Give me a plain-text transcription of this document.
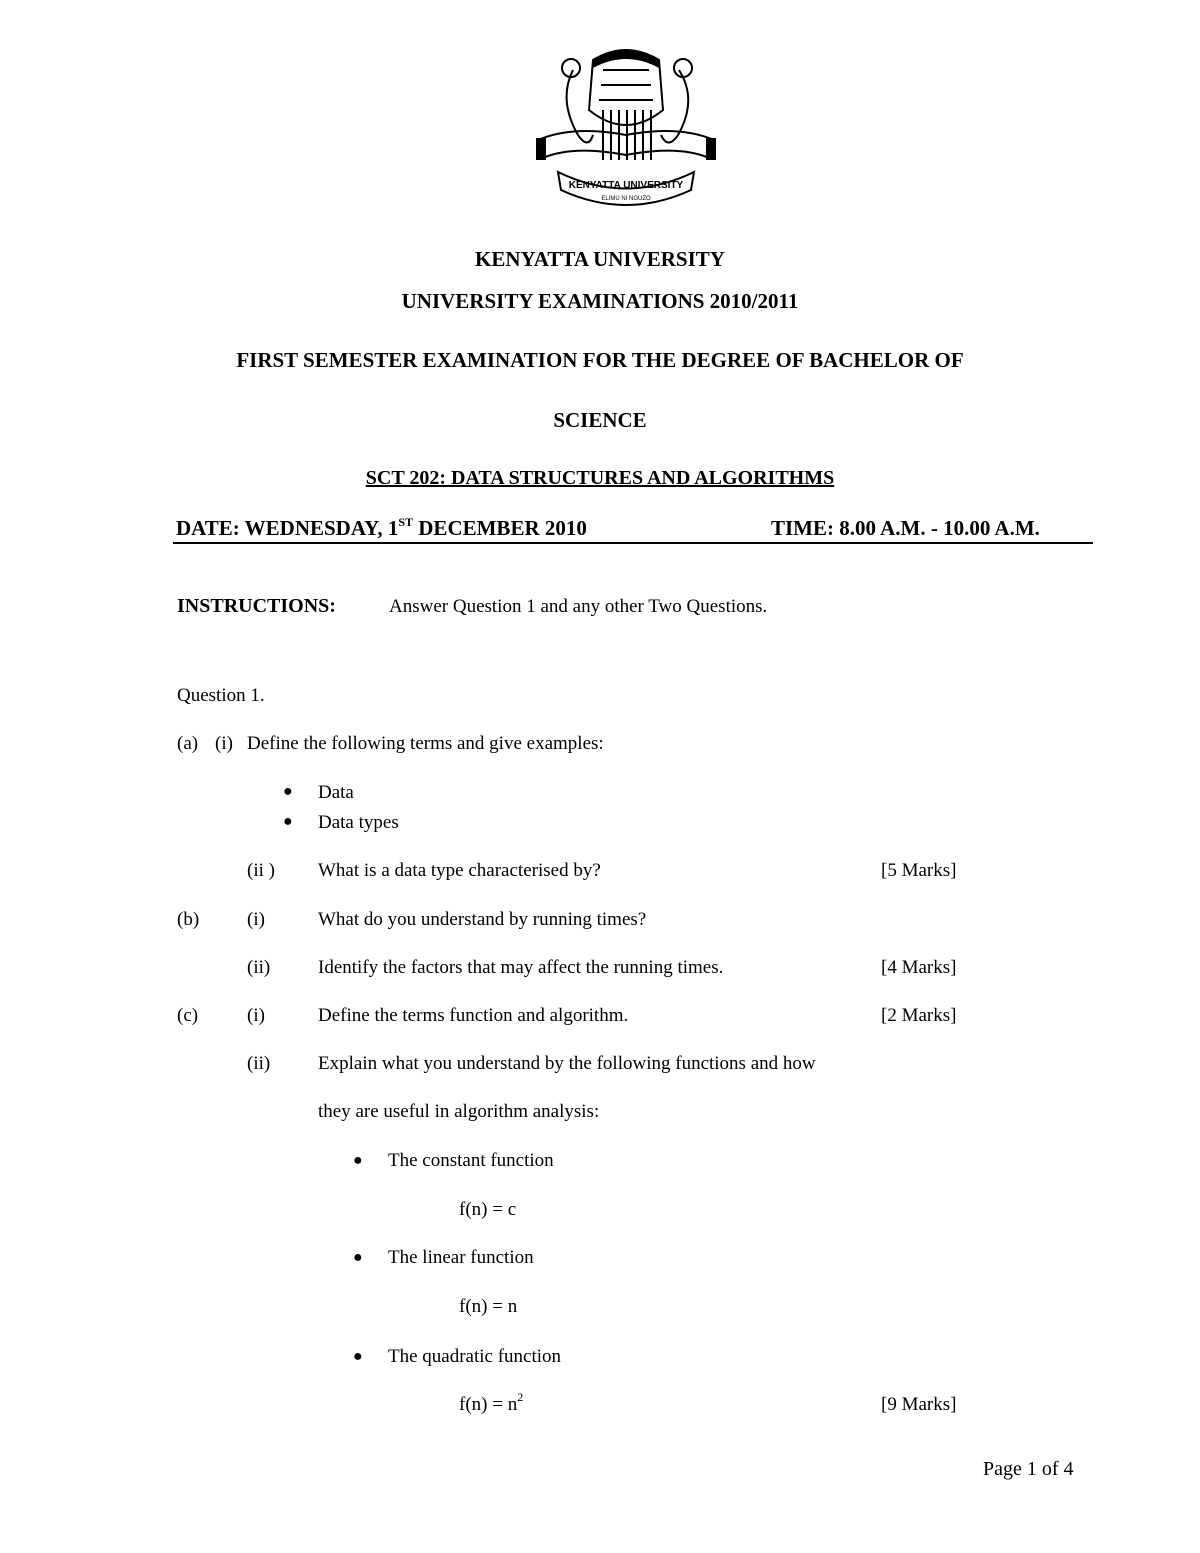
KENYATTA UNIVERSITY
ELIMU NI NGUZO
KENYATTA UNIVERSITY
UNIVERSITY EXAMINATIONS 2010/2011
FIRST SEMESTER EXAMINATION FOR THE DEGREE OF BACHELOR OF
SCIENCE
SCT 202: DATA STRUCTURES AND ALGORITHMS
DATE: WEDNESDAY, 1ST DECEMBER 2010	TIME: 8.00 A.M. - 10.00 A.M.
INSTRUCTIONS:	Answer Question 1 and any other Two Questions.
Question 1.
(a) (i) Define the following terms and give examples:
● Data
● Data types
(ii ) What is a data type characterised by?	[5 Marks]
(b)	(i)	What do you understand by running times?
(ii)	Identify the factors that may affect the running times.	[4 Marks]
(c)	(i)	Define the terms function and algorithm.	[2 Marks]
(ii)	Explain what you understand by the following functions and how
they are useful in algorithm analysis:
● The constant function
f(n) = c
● The linear function
f(n) = n
● The quadratic function
$f(n) = n^2$	[9 Marks]
Page 1 of 4
